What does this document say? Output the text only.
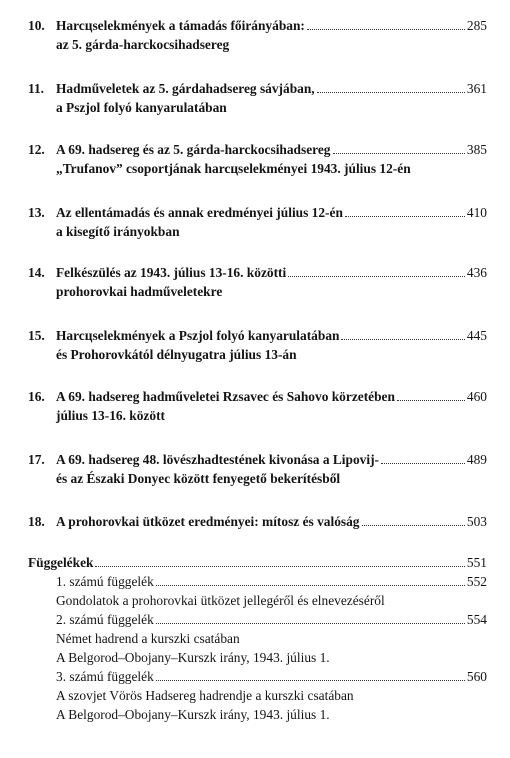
10. Harcцselekmények a támadás főirányában:	285
az 5. gárda-harckocsihadsereg
11. Hadműveletek az 5. gárdahadsereg sávjában,	361
a Pszjol folyó kanyarulatában
12. A 69. hadsereg és az 5. gárda-harckocsihadsereg	385
„Trufanov” csoportjának harcцselekményei 1943. július 12-én
13. Az ellentámadás és annak eredményei július 12-én	410
a kisegítő irányokban
14. Felkészülés az 1943. július 13-16. közötti	436
prohorovkai hadműveletekre
15. Harcцselekmények a Pszjol folyó kanyarulatában	445
és Prohorovkától délnyugatra július 13-án
16. A 69. hadsereg hadműveletei Rzsavec és Sahovo körzetében	460
július 13-16. között
17. A 69. hadsereg 48. lövészhadtestének kivonása a Lipovij-	489
és az Északi Donyec között fenyegető bekerítésből
18. A prohorovkai ütközet eredményei: mítosz és valóság	503
Függelékek	551
1. számú függelék	552
Gondolatok a prohorovkai ütközet jellegéről és elnevezéséről
2. számú függelék	554
Német hadrend a kurszki csatában
A Belgorod–Obojany–Kurszk irány, 1943. július 1.
3. számú függelék	560
A szovjet Vörös Hadsereg hadrendje a kurszki csatában
A Belgorod–Obojany–Kurszk irány, 1943. július 1.
